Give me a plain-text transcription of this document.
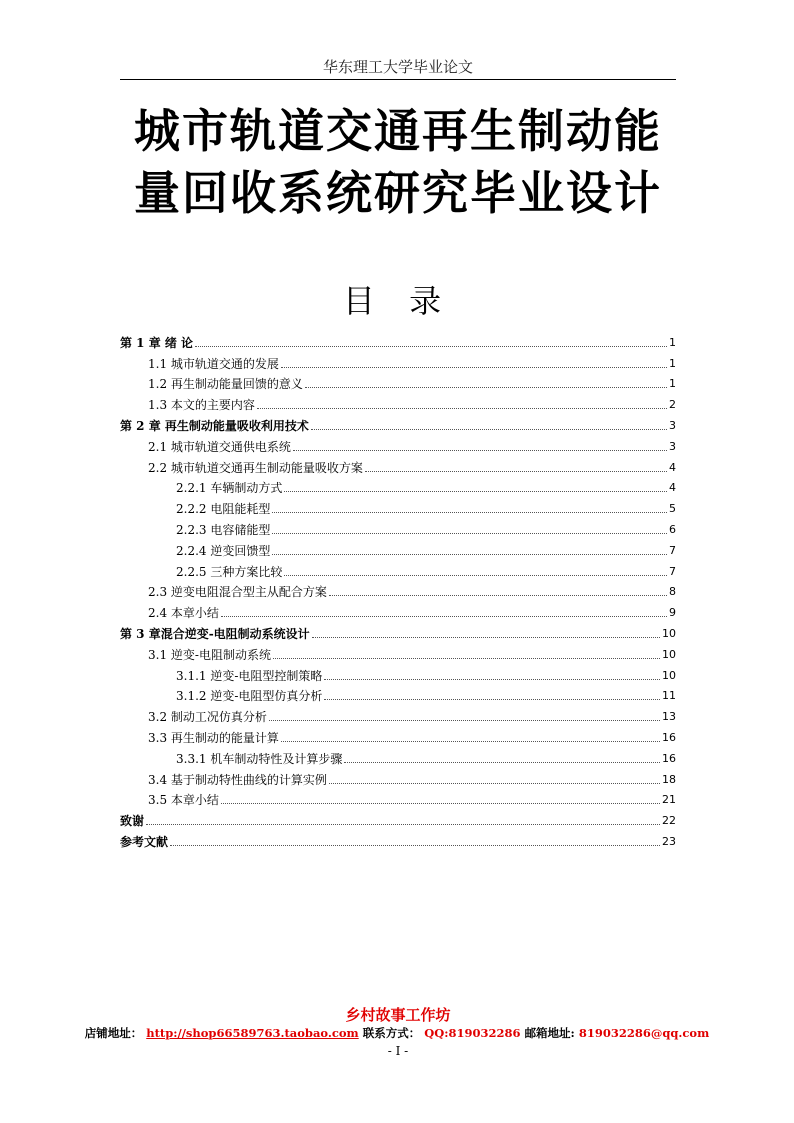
华东理工大学毕业论文
城市轨道交通再生制动能
量回收系统研究毕业设计
目 录
第 1 章 绪 论	1
1.1 城市轨道交通的发展	1
1.2 再生制动能量回馈的意义	1
1.3 本文的主要内容	2
第 2 章 再生制动能量吸收利用技术	3
2.1 城市轨道交通供电系统	3
2.2 城市轨道交通再生制动能量吸收方案	4
2.2.1 车辆制动方式	4
2.2.2 电阻能耗型	5
2.2.3 电容储能型	6
2.2.4 逆变回馈型	7
2.2.5 三种方案比较	7
2.3 逆变电阻混合型主从配合方案	8
2.4 本章小结	9
第 3 章混合逆变-电阻制动系统设计	10
3.1 逆变-电阻制动系统	10
3.1.1 逆变-电阻型控制策略	10
3.1.2 逆变-电阻型仿真分析	11
3.2 制动工况仿真分析	13
3.3 再生制动的能量计算	16
3.3.1 机车制动特性及计算步骤	16
3.4 基于制动特性曲线的计算实例	18
3.5 本章小结	21
致谢	22
参考文献	23
乡村故事工作坊
店铺地址： http://shop66589763.taobao.com 联系方式： QQ:819032286 邮箱地址: 819032286@qq.com
- I -
